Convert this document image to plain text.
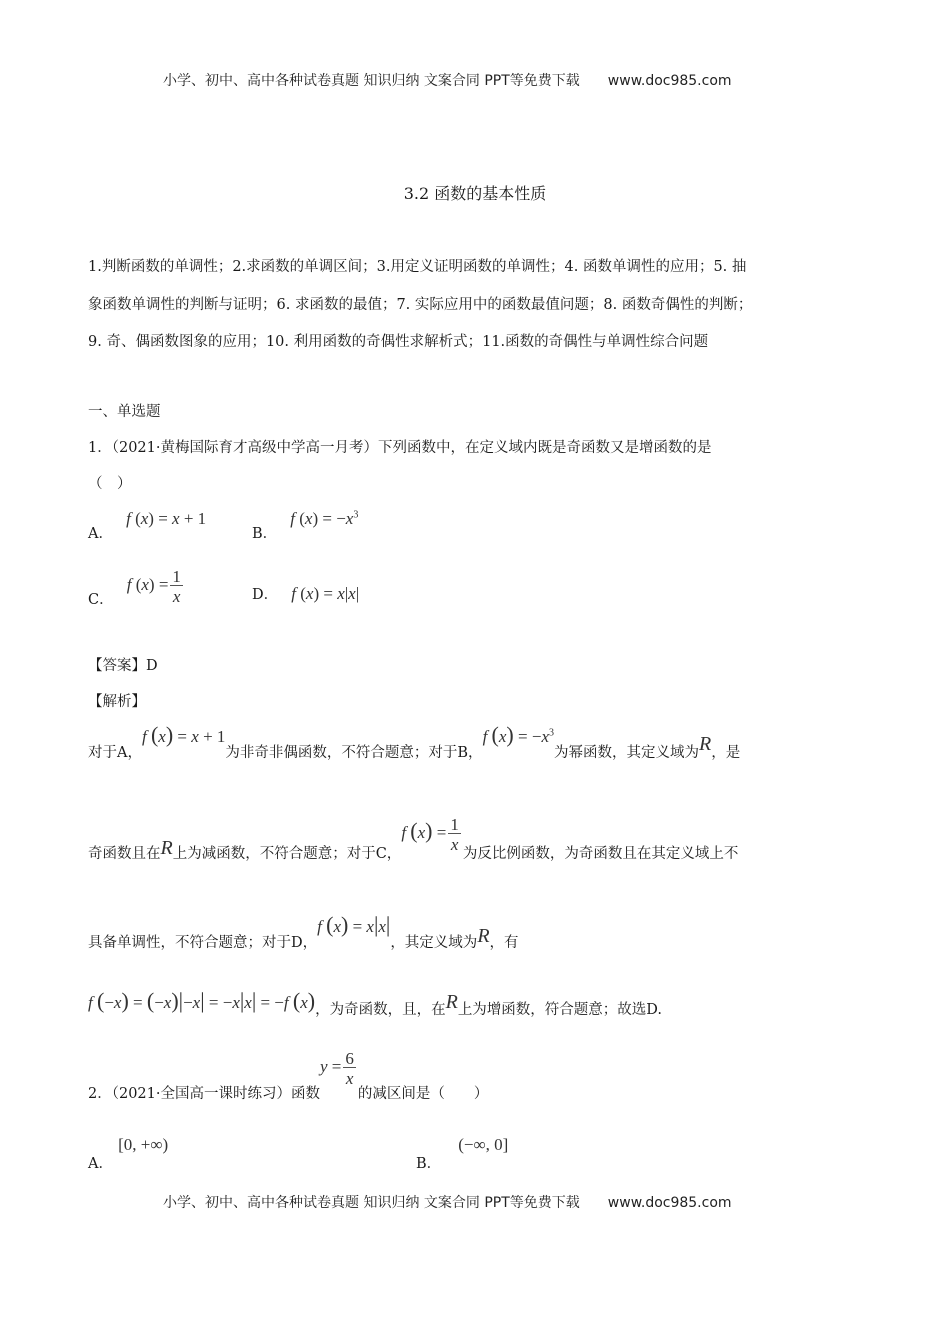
小学、初中、高中各种试卷真题 知识归纳 文案合同 PPT等免费下载 www.doc985.com
3.2 函数的基本性质
1.判断函数的单调性；2.求函数的单调区间；3.用定义证明函数的单调性；4. 函数单调性的应用；5. 抽
象函数单调性的判断与证明；6. 求函数的最值；7. 实际应用中的函数最值问题；8. 函数奇偶性的判断；
9. 奇、偶函数图象的应用；10. 利用函数的奇偶性求解析式；11.函数的奇偶性与单调性综合问题
一、单选题
1．（2021·黄梅国际育才高级中学高一月考）下列函数中，在定义域内既是奇函数又是增函数的是
（　）
A． f (x) = x + 1
B． f $(x) = -x^3$
C． f $(x) = \frac{1}{x}$	D． f (x) = x|x|
【答案】D
【解析】
对于A，f (x) = x + 1为非奇非偶函数，不符合题意；对于B，f $(x) = -x^3$为幂函数，其定义域为R，是
奇函数且在R上为减函数，不符合题意；对于C，f $(x) = \frac{1}{x}$
为反比例函数，为奇函数且在其定义域上不
具备单调性，不符合题意；对于D，f (x) = x|x|，其定义域为R，有
f (−x) = (−x)|−x| = −x|x| = −f (x)，为奇函数，且，在R上为增函数，符合题意；故选D.
2．（2021·全国高一课时练习）函数$y = \frac{6}{x}$
的减区间是（　　）
A． [0, +∞)
B． (−∞, 0]
小学、初中、高中各种试卷真题 知识归纳 文案合同 PPT等免费下载 www.doc985.com
